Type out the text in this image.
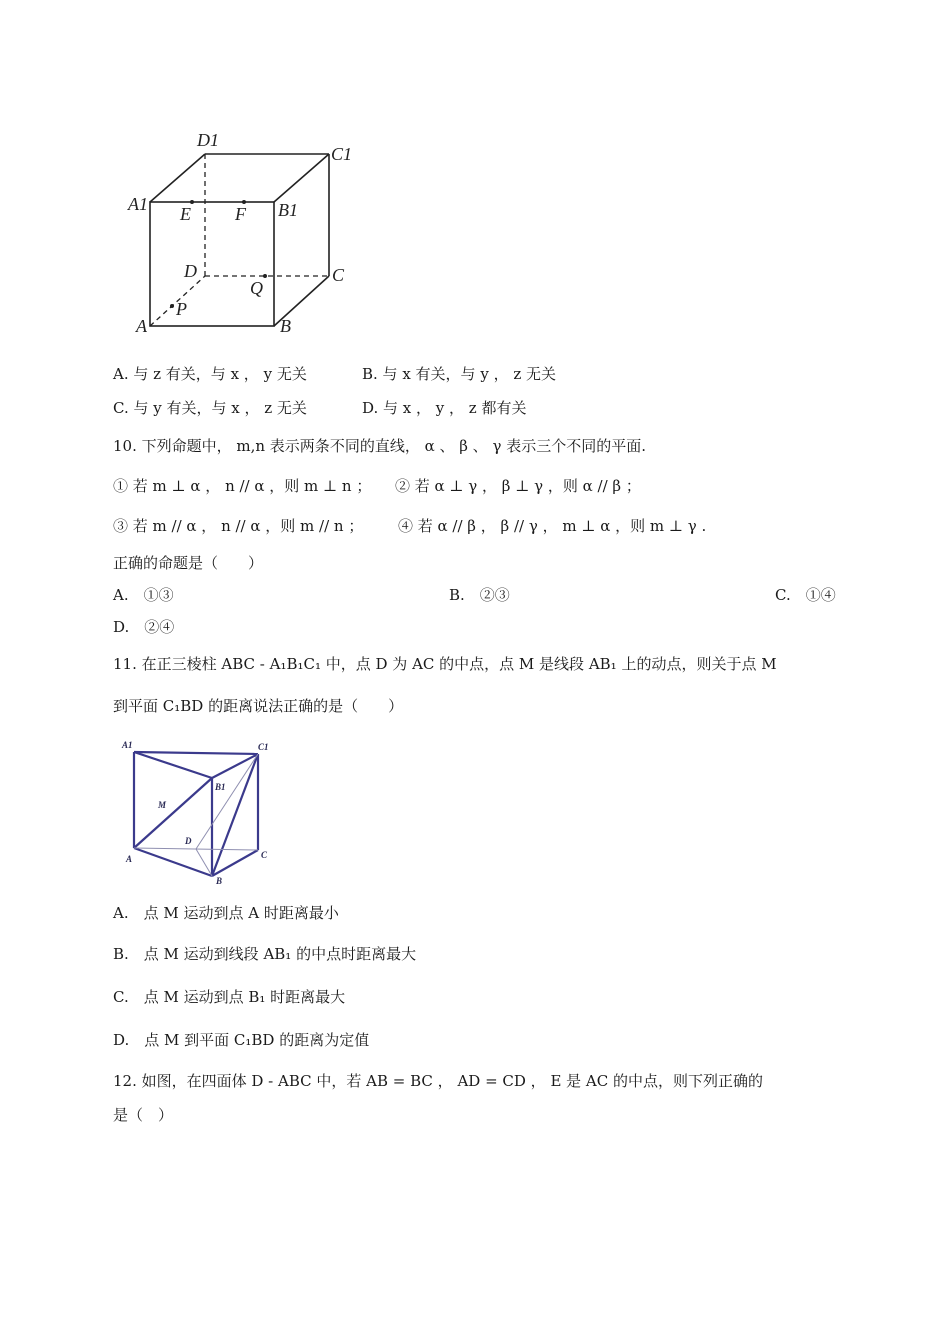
D1
C1
A1 E F B1
D	C
Q
P
A	B
A. 与 z 有关，与 x ， y 无关	B. 与 x 有关，与 y ， z 无关
C. 与 y 有关，与 x ， z 无关	D. 与 x ， y ， z 都有关
10. 下列命题中， m,n 表示两条不同的直线， α 、 β 、 γ 表示三个不同的平面.
① 若 m ⊥ α ， n // α ，则 m ⊥ n ； ② 若 α ⊥ γ ， β ⊥ γ ，则 α // β ；
③ 若 m // α ， n // α ，则 m // n ； ④ 若 α // β ， β // γ ， m ⊥ α ，则 m ⊥ γ .
正确的命题是（　　）
A.　①③	B.　②③	C.　①④
D.　②④
11. 在正三棱柱 ABC - A₁B₁C₁ 中，点 D 为 AC 的中点，点 M 是线段 AB₁ 上的动点，则关于点 M
到平面 C₁BD 的距离说法正确的是（　　）
A1	C1
B1
M
D
A	C
B
A.　点 M 运动到点 A 时距离最小
B.　点 M 运动到线段 AB₁ 的中点时距离最大
C.　点 M 运动到点 B₁ 时距离最大
D.　点 M 到平面 C₁BD 的距离为定值
12. 如图，在四面体 D - ABC 中，若 AB = BC ， AD = CD ， E 是 AC 的中点，则下列正确的
是（　）
